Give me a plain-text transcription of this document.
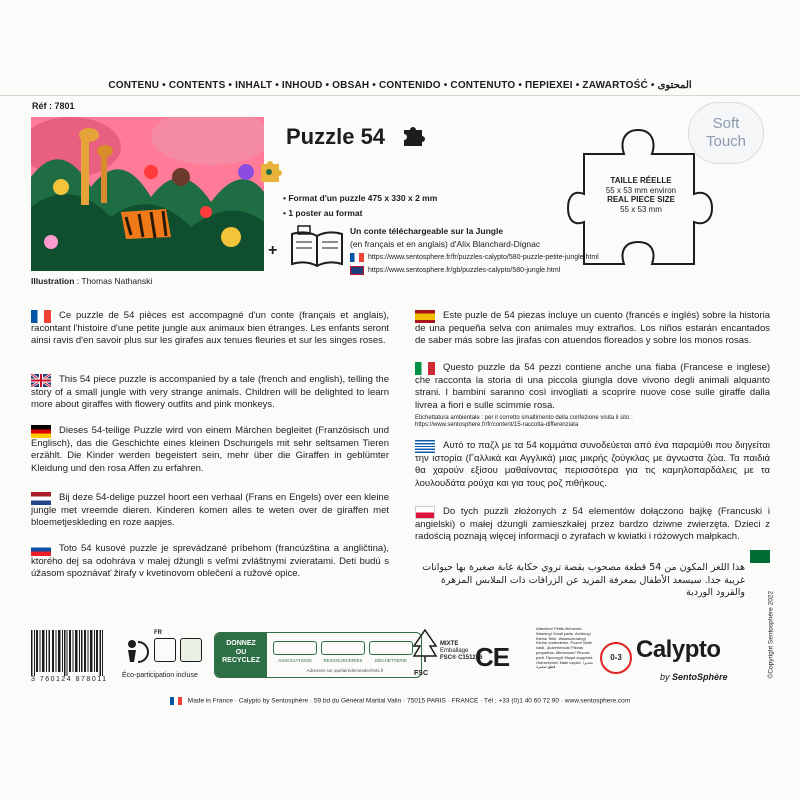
CONTENU • CONTENTS • INHALT • INHOUD • OBSAH • CONTENIDO • CONTENUTO • ΠΕΡΙΕΧΕΙ • ZAWARTOŚĆ • المحتوى
Réf : 7801
Illustration : Thomas Nathanski
Puzzle 54
Soft
Touch
TAILLE RÉELLE
55 x 53 mm environ
REAL PIECE SIZE
55 x 53 mm
• Format d'un puzzle 475 x 330 x 2 mm
• 1 poster au format
+
Un conte téléchargeable sur la Jungle
(en français et en anglais) d'Alix Blanchard-Dignac
https://www.sentosphere.fr/fr/puzzles-calypto/580-puzzle-petite-jungle.html
https://www.sentosphere.fr/gb/puzzles-calypto/580-jungle.html
Ce puzzle de 54 pièces est accompagné d'un conte (français et anglais), racontant l'histoire d'une petite jungle aux animaux bien étranges. Les enfants seront ainsi ravis d'en savoir plus sur les girafes aux tenues fleuries et sur les singes roses.
This 54 piece puzzle is accompanied by a tale (french and english), telling the story of a small jungle with very strange animals. Children will be delighted to learn more about giraffes with flowery outfits and pink monkeys.
Dieses 54-teilige Puzzle wird von einem Märchen begleitet (Französisch und Englisch), das die Geschichte eines kleinen Dschungels mit sehr seltsamen Tieren erzählt. Die Kinder werden begeistert sein, mehr über die Giraffen in geblümter Kleidung und den rosa Affen zu erfahren.
Bij deze 54-delige puzzel hoort een verhaal (Frans en Engels) over een kleine jungle met vreemde dieren. Kinderen komen alles te weten over de giraffen met bloemetjeskleding en roze aapjes.
Toto 54 kusové puzzle je sprevádzané príbehom (francúzština a angličtina), ktorého dej sa odohráva v malej džungli s veľmi zvláštnymi zvieratami. Deti budú s úžasom spoznávať žirafy v kvetinovom oblečení a ružové opice.
Este puzle de 54 piezas incluye un cuento (francés e inglés) sobre la historia de una pequeña selva con animales muy extraños. Los niños estarán encantados de saber más sobre las jirafas con atuendos floreados y sobre los monos rosas.
Questo puzzle da 54 pezzi contiene anche una fiaba (Francese e inglese) che racconta la storia di una piccola giungla dove vivono degli animali alquanto strani. I bambini saranno così invogliati a scoprire nuove cose sulle giraffe dalla livrea a fiori e sulle scimmie rosa.
Etichettatura ambientale : per il corretto smaltimento della confezione visita il sito :
https://www.sentosphere.fr/fr/content/15-raccolta-differenziata
Αυτό το παζλ με τα 54 κομμάτια συνοδεύεται από ένα παραμύθι που διηγείται την ιστορία (Γαλλικά και Αγγλικά) μιας μικρής ζούγκλας με άγνωστα ζώα. Τα παιδιά θα χαρούν εξίσου μαθαίνοντας περισσότερα για τις καμηλοπαρδάλεις με τα λουλουδάτα ρούχα και για τους ροζ πιθήκους.
Do tych puzzli złożonych z 54 elementów dołączono bajkę (Francuski i angielski) o małej dżungli zamieszkałej przez bardzo dziwne zwierzęta. Dzieci z radością poznają więcej informacji o żyrafach w kwiatki i różowych małpkach.
هذا اللغز المكون من 54 قطعة مصحوب بقصة تروي حكاية غابة صغيرة بها حيوانات غريبة جدا. سيسعد الأطفال بمعرفة المزيد عن الزرافات ذات الملابس المزهرة والقرود الوردية
3 760124 878011
FR
Éco-participation incluse
DONNEZ
OU
RECYCLEZ	ASSOCIATIONS	RESSOURCERIES	DÉCHETTERIE
Adresses sur quefairedemesdechets.fr	FSC
MIXTE
Emballage
FSC® C151216
CE
Attention! Petits éléments. Warning! Small parts. Achtung! Kleine Teile. Waarschuwing! Kleine onderdelen. Pozor! Malé časti. ¡Advertencia! Piezas pequeñas. Attenzione! Piccole parti. Προσοχή! Μικρά κομμάτια. Ostrzeżenie! Małe części. تحذير! قطع صغيرة
0-3 Calypto
by SentoSphère	©Copyright Sentosphère 2022
Made in France · Calypto by Sentosphère · 59 bd du Général Martial Valin · 75015 PARIS · FRANCE · Tél : +33 (0)1 40 60 72 90 · www.sentosphere.com
